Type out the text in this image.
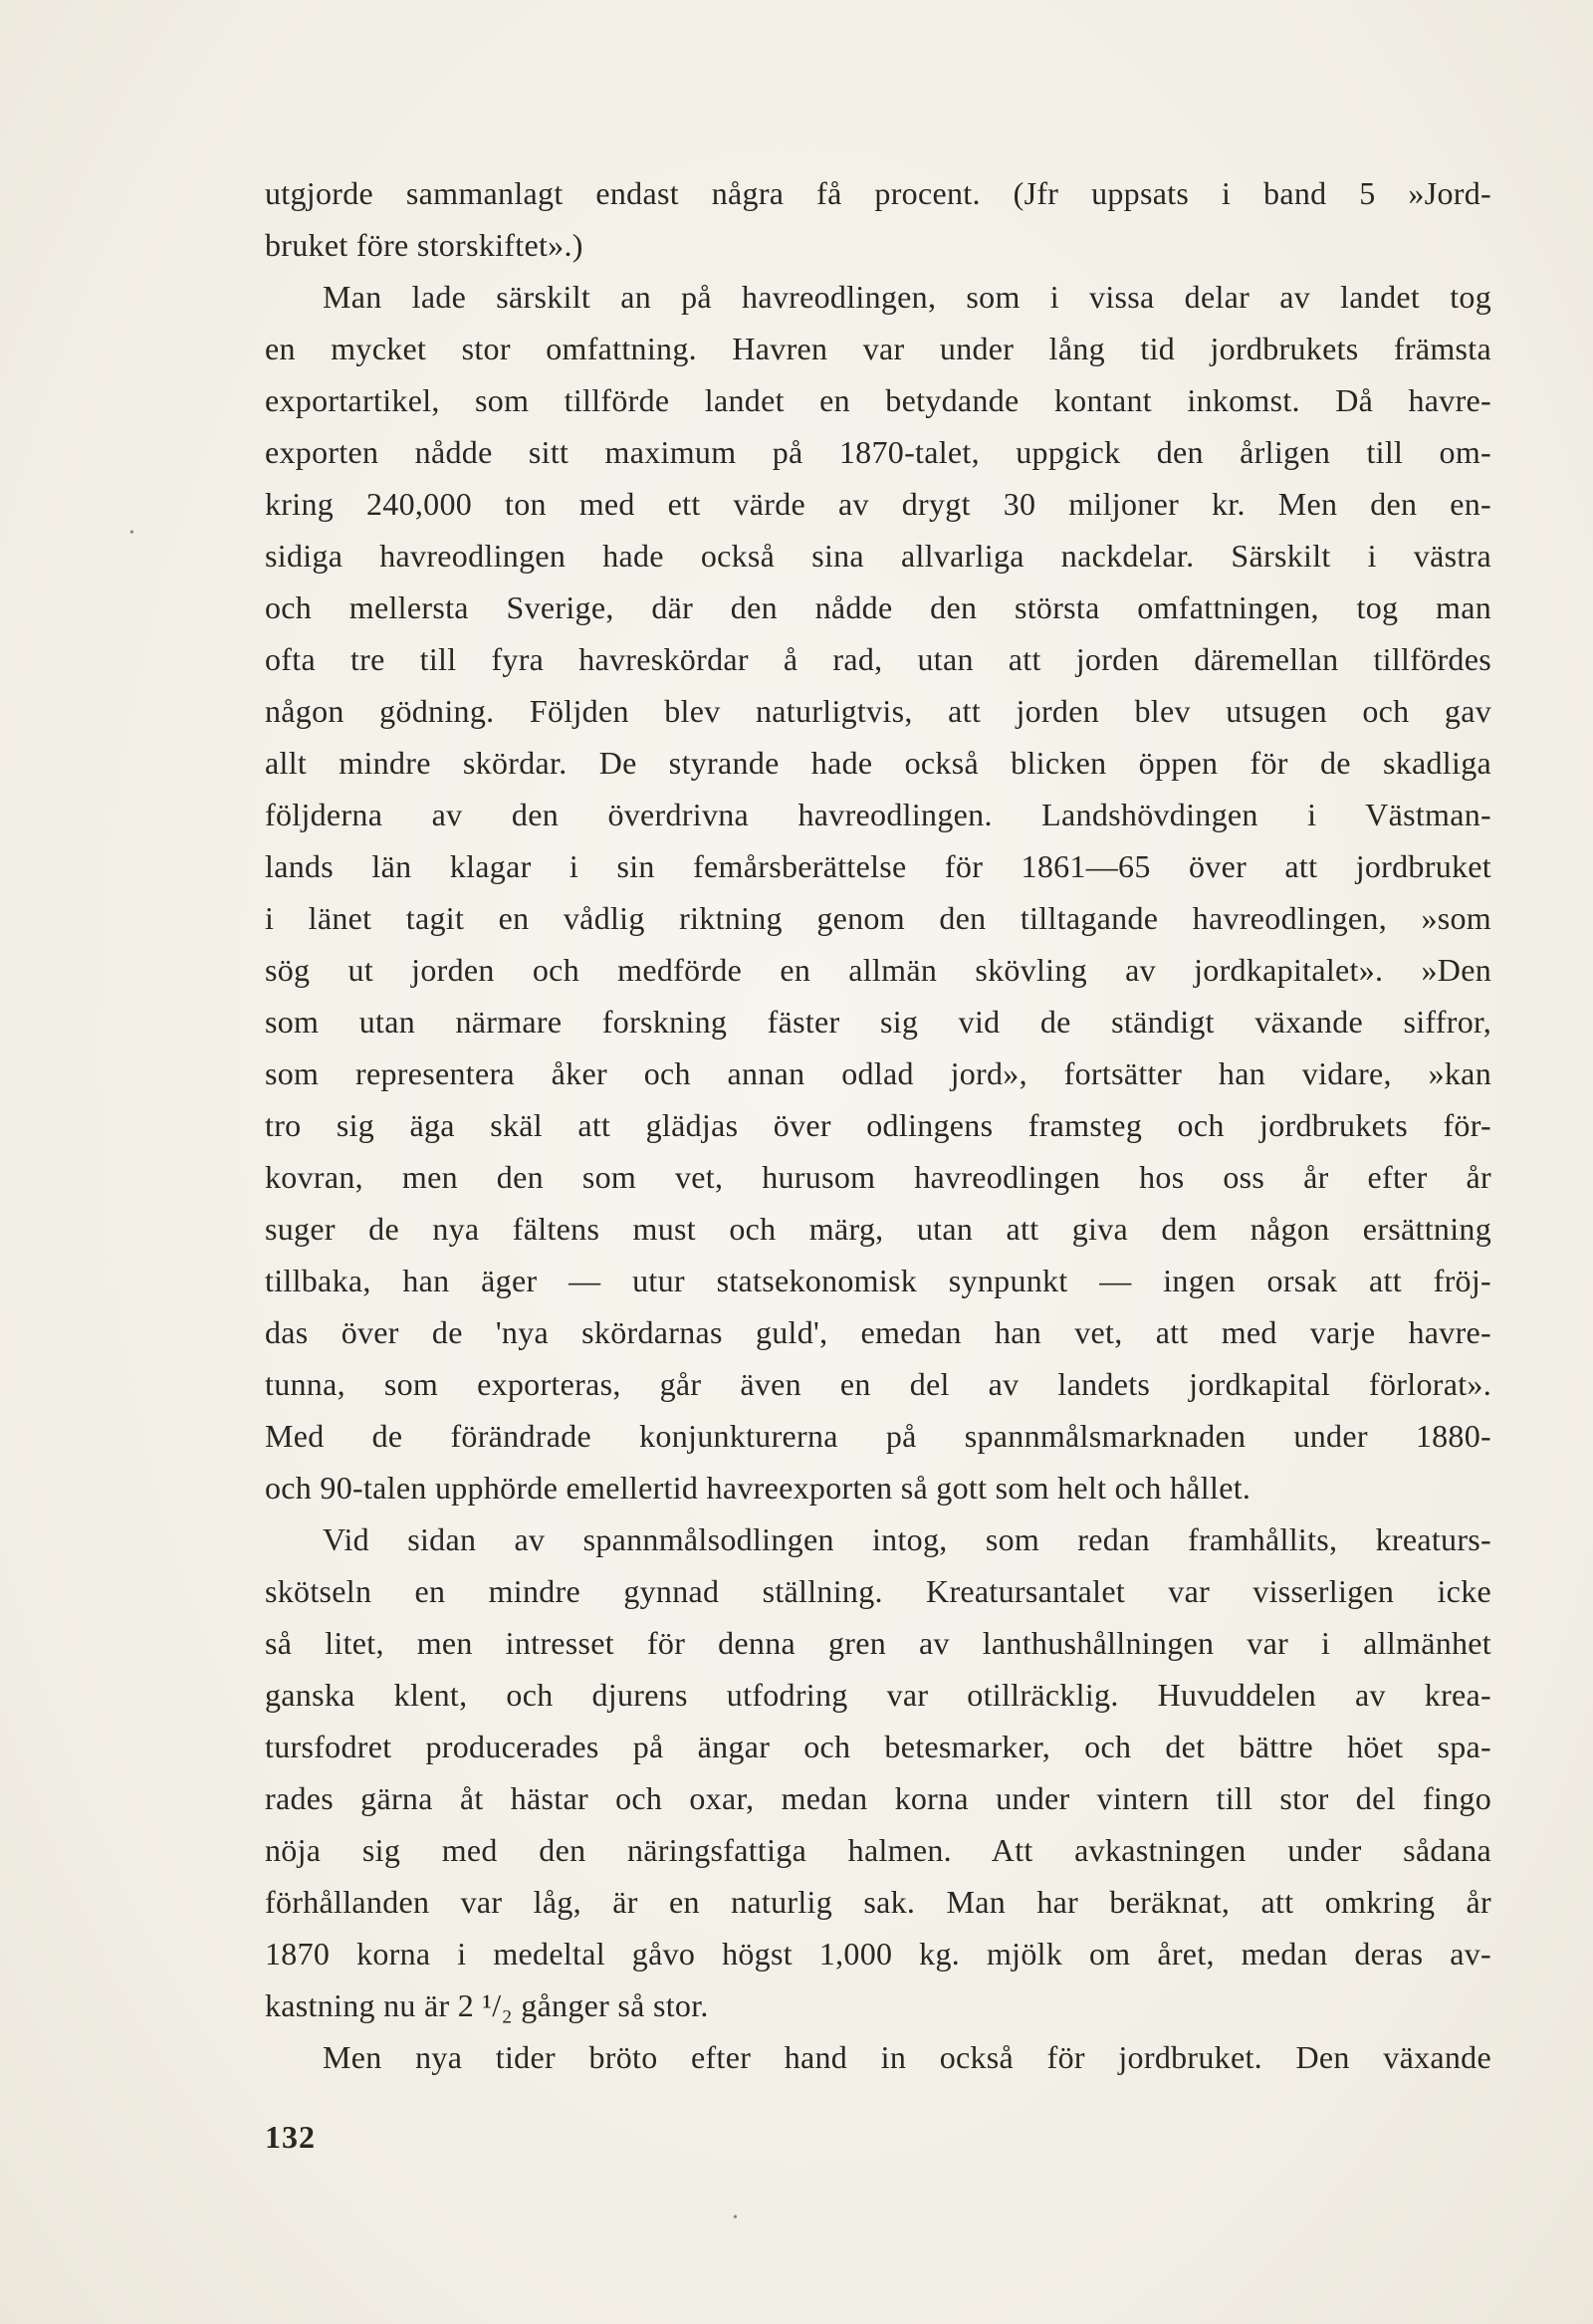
utgjorde sammanlagt endast några få procent. (Jfr uppsats i band 5 »Jord-
bruket före storskiftet».)
Man lade särskilt an på havreodlingen, som i vissa delar av landet tog
en mycket stor omfattning. Havren var under lång tid jordbrukets främsta
exportartikel, som tillförde landet en betydande kontant inkomst. Då havre-
exporten nådde sitt maximum på 1870-talet, uppgick den årligen till om-
kring 240,000 ton med ett värde av drygt 30 miljoner kr. Men den en-
sidiga havreodlingen hade också sina allvarliga nackdelar. Särskilt i västra
och mellersta Sverige, där den nådde den största omfattningen, tog man
ofta tre till fyra havreskördar å rad, utan att jorden däremellan tillfördes
någon gödning. Följden blev naturligtvis, att jorden blev utsugen och gav
allt mindre skördar. De styrande hade också blicken öppen för de skadliga
följderna av den överdrivna havreodlingen. Landshövdingen i Västman-
lands län klagar i sin femårsberättelse för 1861—65 över att jordbruket
i länet tagit en vådlig riktning genom den tilltagande havreodlingen, »som
sög ut jorden och medförde en allmän skövling av jordkapitalet». »Den
som utan närmare forskning fäster sig vid de ständigt växande siffror,
som representera åker och annan odlad jord», fortsätter han vidare, »kan
tro sig äga skäl att glädjas över odlingens framsteg och jordbrukets för-
kovran, men den som vet, hurusom havreodlingen hos oss år efter år
suger de nya fältens must och märg, utan att giva dem någon ersättning
tillbaka, han äger — utur statsekonomisk synpunkt — ingen orsak att fröj-
das över de 'nya skördarnas guld', emedan han vet, att med varje havre-
tunna, som exporteras, går även en del av landets jordkapital förlorat».
Med de förändrade konjunkturerna på spannmålsmarknaden under 1880-
och 90-talen upphörde emellertid havreexporten så gott som helt och hållet.
Vid sidan av spannmålsodlingen intog, som redan framhållits, kreaturs-
skötseln en mindre gynnad ställning. Kreatursantalet var visserligen icke
så litet, men intresset för denna gren av lanthushållningen var i allmänhet
ganska klent, och djurens utfodring var otillräcklig. Huvuddelen av krea-
tursfodret producerades på ängar och betesmarker, och det bättre höet spa-
rades gärna åt hästar och oxar, medan korna under vintern till stor del fingo
nöja sig med den näringsfattiga halmen. Att avkastningen under sådana
förhållanden var låg, är en naturlig sak. Man har beräknat, att omkring år
1870 korna i medeltal gåvo högst 1,000 kg. mjölk om året, medan deras av-
kastning nu är 2 ¹/₂ gånger så stor.
Men nya tider bröto efter hand in också för jordbruket. Den växande
132
•
•
